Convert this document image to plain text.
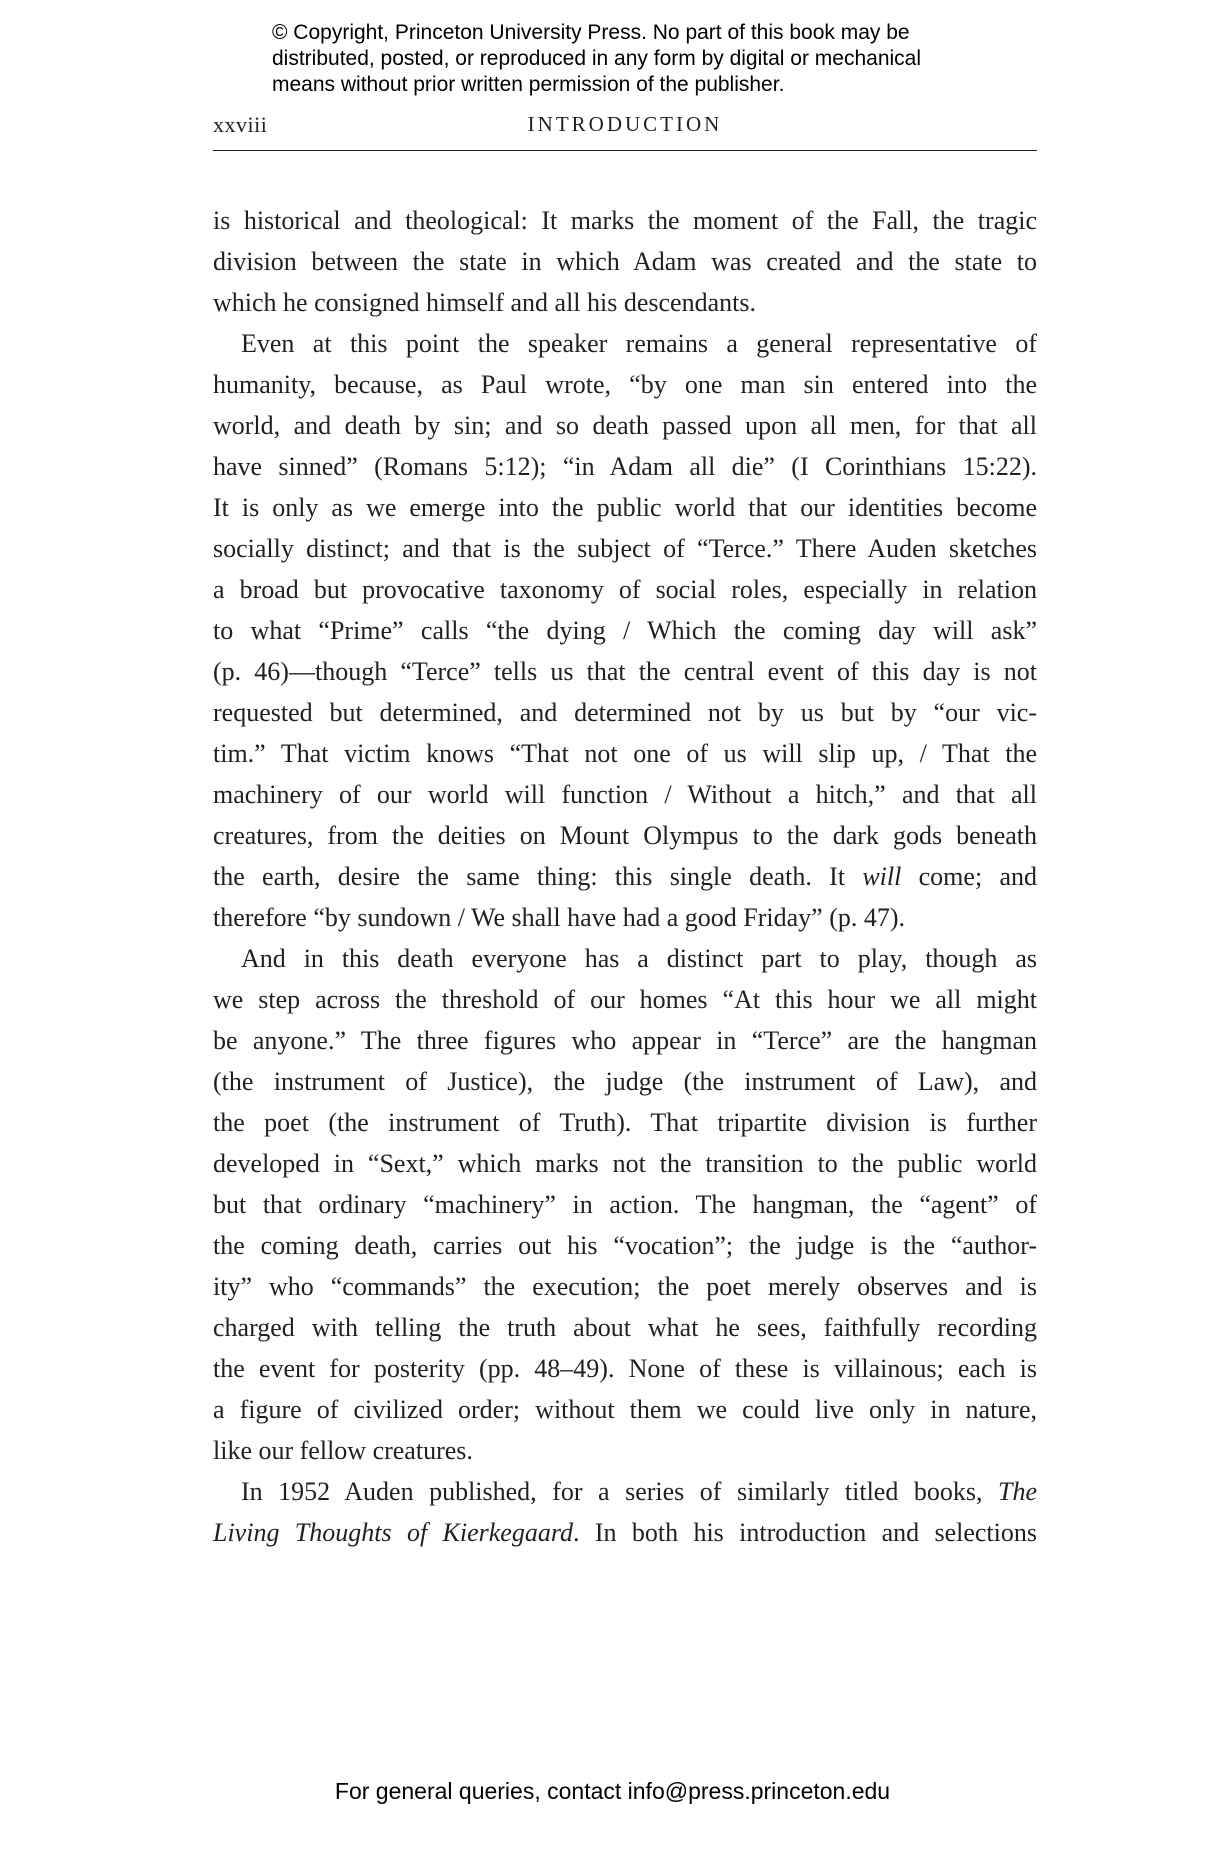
© Copyright, Princeton University Press. No part of this book may be
distributed, posted, or reproduced in any form by digital or mechanical
means without prior written permission of the publisher.
xxviii	INTRODUCTION
is historical and theological: It marks the moment of the Fall, the tragic
division between the state in which Adam was created and the state to
which he consigned himself and all his descendants.
Even at this point the speaker remains a general representative of
humanity, because, as Paul wrote, “by one man sin entered into the
world, and death by sin; and so death passed upon all men, for that all
have sinned” (Romans 5:12); “in Adam all die” (I Corinthians 15:22).
It is only as we emerge into the public world that our identities become
socially distinct; and that is the subject of “Terce.” There Auden sketches
a broad but provocative taxonomy of social roles, especially in relation
to what “Prime” calls “the dying / Which the coming day will ask”
(p. 46)—though “Terce” tells us that the central event of this day is not
requested but determined, and determined not by us but by “our vic-
tim.” That victim knows “That not one of us will slip up, / That the
machinery of our world will function / Without a hitch,” and that all
creatures, from the deities on Mount Olympus to the dark gods beneath
the earth, desire the same thing: this single death. It will come; and
therefore “by sundown / We shall have had a good Friday” (p. 47).
And in this death everyone has a distinct part to play, though as
we step across the threshold of our homes “At this hour we all might
be anyone.” The three figures who appear in “Terce” are the hangman
(the instrument of Justice), the judge (the instrument of Law), and
the poet (the instrument of Truth). That tripartite division is further
developed in “Sext,” which marks not the transition to the public world
but that ordinary “machinery” in action. The hangman, the “agent” of
the coming death, carries out his “vocation”; the judge is the “author-
ity” who “commands” the execution; the poet merely observes and is
charged with telling the truth about what he sees, faithfully recording
the event for posterity (pp. 48–49). None of these is villainous; each is
a figure of civilized order; without them we could live only in nature,
like our fellow creatures.
In 1952 Auden published, for a series of similarly titled books, The
Living Thoughts of Kierkegaard. In both his introduction and selections
For general queries, contact info@press.princeton.edu
